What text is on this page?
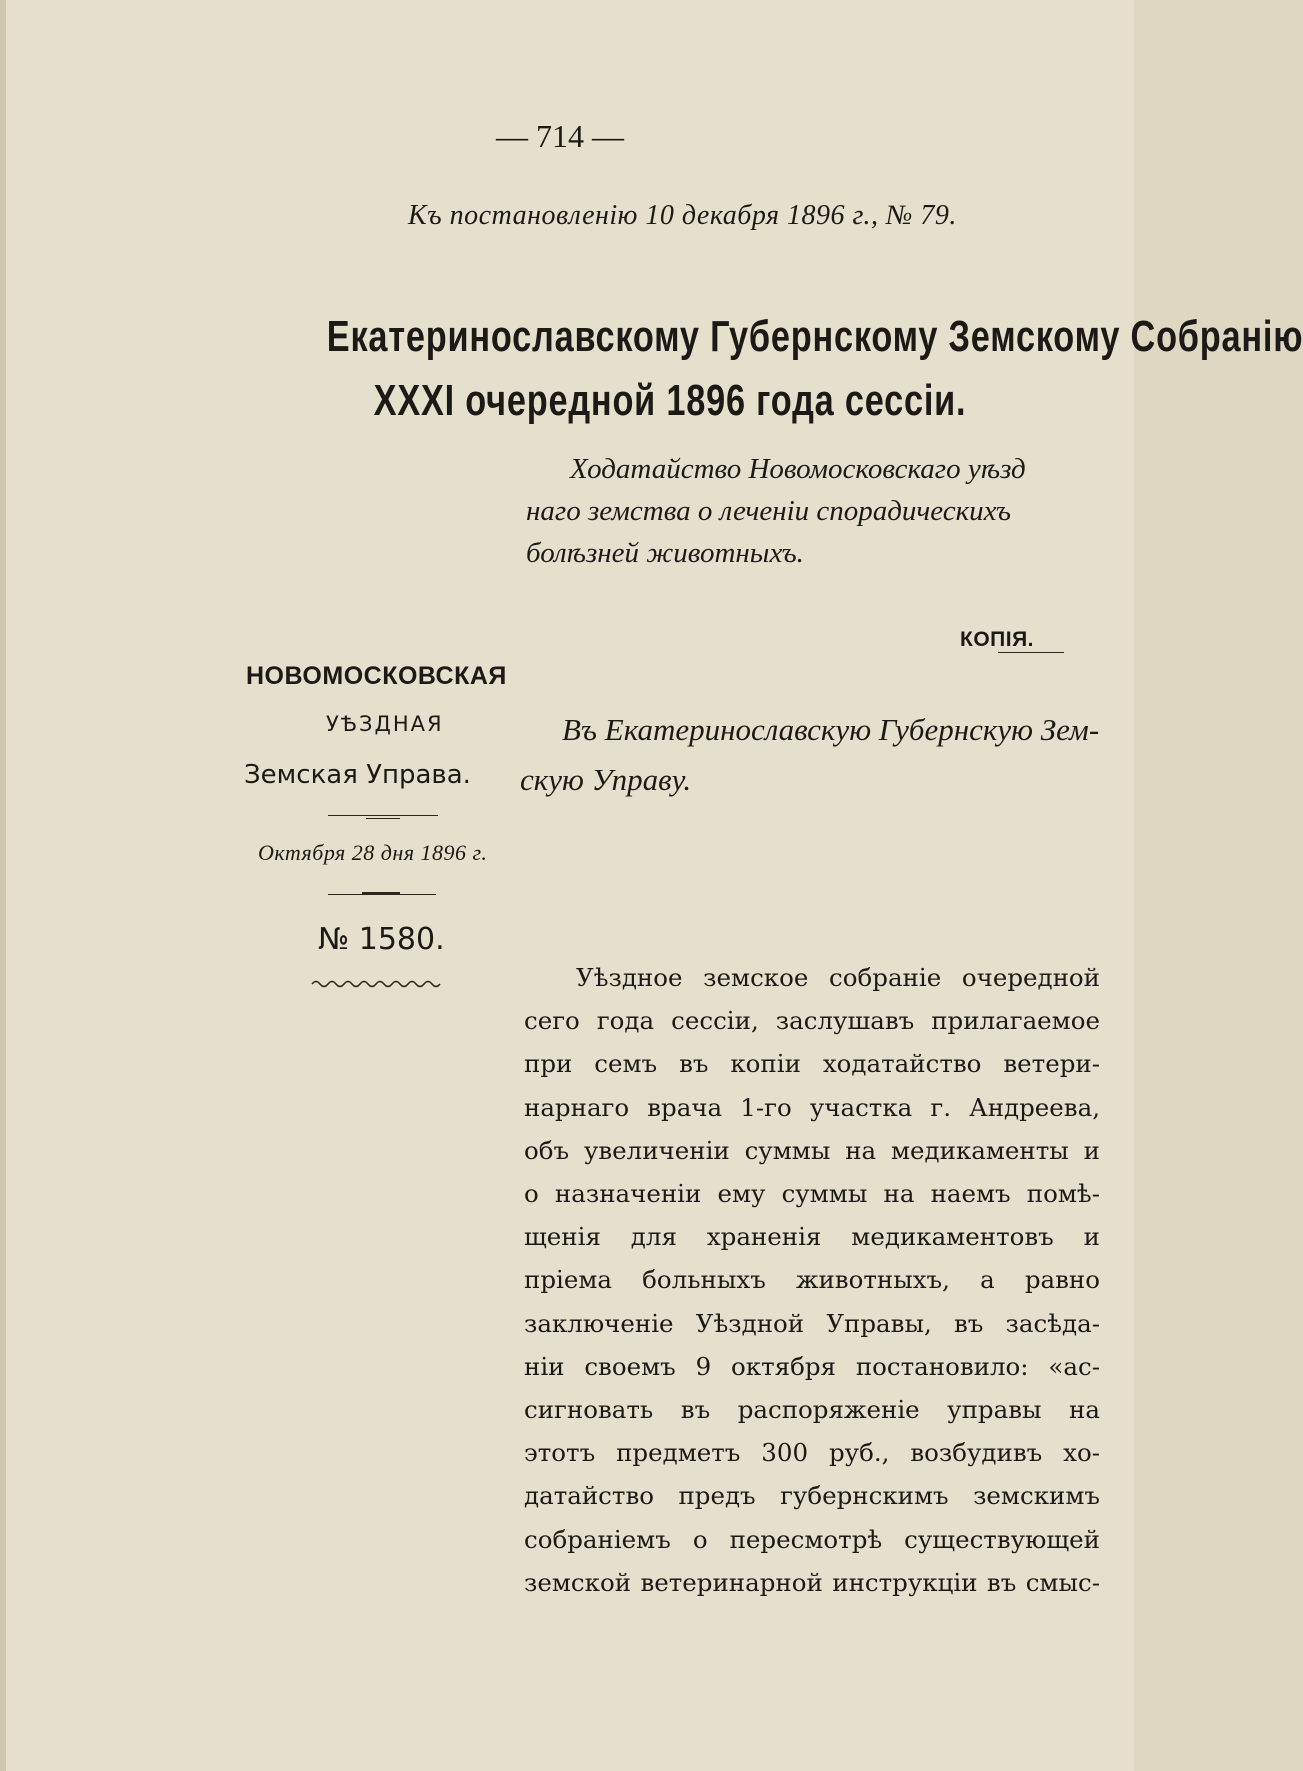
— 714 —
Къ постановленію 10 декабря 1896 г., № 79.
Екатеринославскому Губернскому Земскому Собранію
XXXI очередной 1896 года сессіи.
Ходатайство Новомосковскаго уѣзд
наго земства о леченіи спорадическихъ
болѣзней животныхъ.
КОПІЯ.
НОВОМОСКОВСКАЯ
УѢЗДНАЯ
Земская Управа.
Въ Екатеринославскую Губернскую Зем-
скую Управу.
Октября 28 дня 1896 г.
№ 1580.
Уѣздное земское собраніе очередной
сего года сессіи, заслушавъ прилагаемое
при семъ въ копіи ходатайство ветери-
нарнаго врача 1-го участка г. Андреева,
объ увеличеніи суммы на медикаменты и
о назначеніи ему суммы на наемъ помѣ-
щенія для храненія медикаментовъ и
пріема больныхъ животныхъ, а равно
заключеніе Уѣздной Управы, въ засѣда-
ніи своемъ 9 октября постановило: «ас-
сигновать въ распоряженіе управы на
этотъ предметъ 300 руб., возбудивъ хо-
датайство предъ губернскимъ земскимъ
собраніемъ о пересмотрѣ существующей
земской ветеринарной инструкціи въ смыс-
